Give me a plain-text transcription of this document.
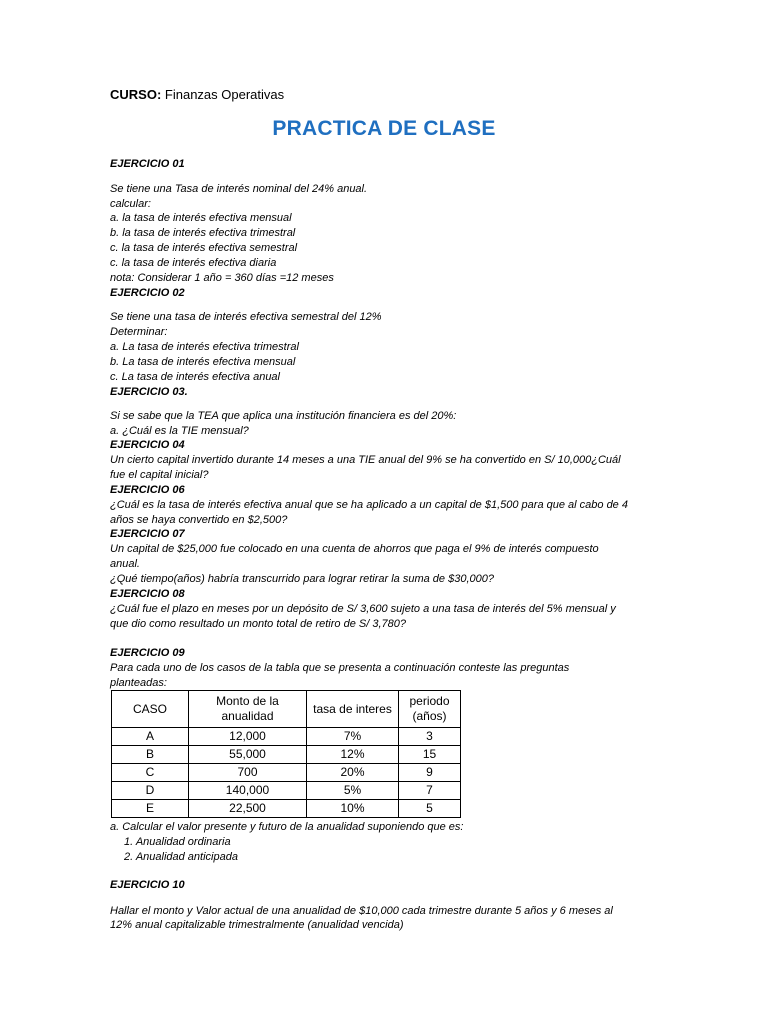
CURSO: Finanzas Operativas
PRACTICA DE CLASE
EJERCICIO 01
Se tiene una Tasa de interés nominal del 24% anual.
calcular:
a. la tasa de interés efectiva mensual
b. la tasa de interés efectiva trimestral
c. la tasa de interés efectiva semestral
c. la tasa de interés efectiva diaria
nota: Considerar 1 año = 360 días =12 meses
EJERCICIO 02
Se tiene una tasa de interés efectiva semestral del 12%
Determinar:
a. La tasa de interés efectiva trimestral
b. La tasa de interés efectiva mensual
c. La tasa de interés efectiva anual
EJERCICIO 03.
Si se sabe que la TEA que aplica una institución financiera es del 20%:
a. ¿Cuál es la TIE mensual?
EJERCICIO 04
Un cierto capital invertido durante 14 meses a una TIE anual del 9% se ha convertido en S/ 10,000¿Cuál
fue el capital inicial?
EJERCICIO 06
¿Cuál es la tasa de interés efectiva anual que se ha aplicado a un capital de $1,500 para que al cabo de 4
años se haya convertido en $2,500?
EJERCICIO 07
Un capital de $25,000 fue colocado en una cuenta de ahorros que paga el 9% de interés compuesto
anual.
¿Qué tiempo(años) habría transcurrido para lograr retirar la suma de $30,000?
EJERCICIO 08
¿Cuál fue el plazo en meses por un depósito de S/ 3,600 sujeto a una tasa de interés del 5% mensual y
que dio como resultado un monto total de retiro de S/ 3,780?
EJERCICIO 09
Para cada uno de los casos de la tabla que se presenta a continuación conteste las preguntas
planteadas:
a. Calcular el valor presente y futuro de la anualidad suponiendo que es:
1. Anualidad ordinaria
2. Anualidad anticipada
EJERCICIO 10
Hallar el monto y Valor actual de una anualidad de $10,000 cada trimestre durante 5 años y 6 meses al
12% anual capitalizable trimestralmente (anualidad vencida)
CASO	Monto de la anualidad	tasa de interes	periodo (años)
A	12,000	7%	3
B	55,000	12%	15
C	700	20%	9
D	140,000	5%	7
E	22,500	10%	5
